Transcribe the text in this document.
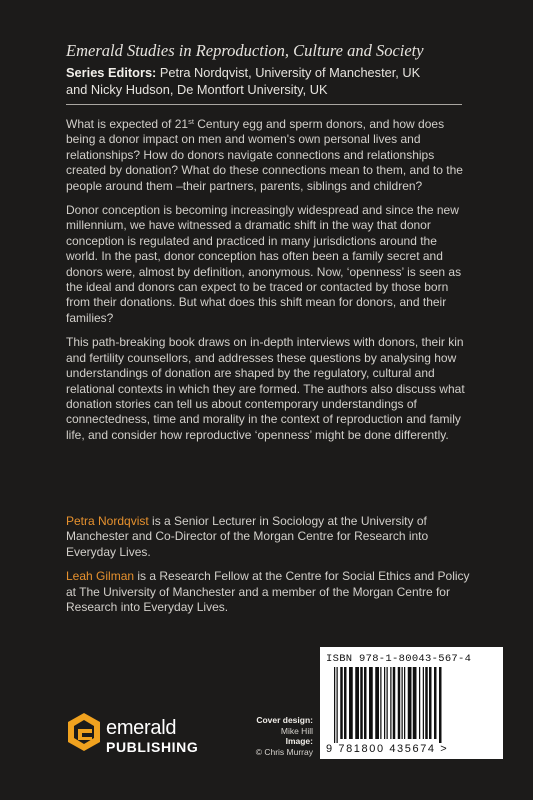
Emerald Studies in Reproduction, Culture and Society
Series Editors: Petra Nordqvist, University of Manchester, UK
and Nicky Hudson, De Montfort University, UK

What is expected of 21st Century egg and sperm donors, and how does being a donor impact on men and women's own personal lives and relationships? How do donors navigate connections and relationships created by donation? What do these connections mean to them, and to the people around them –their partners, parents, siblings and children?

Donor conception is becoming increasingly widespread and since the new millennium, we have witnessed a dramatic shift in the way that donor conception is regulated and practiced in many jurisdictions around the world. In the past, donor conception has often been a family secret and donors were, almost by definition, anonymous. Now, ‘openness’ is seen as the ideal and donors can expect to be traced or contacted by those born from their donations. But what does this shift mean for donors, and their families?

This path-breaking book draws on in-depth interviews with donors, their kin and fertility counsellors, and addresses these questions by analysing how understandings of donation are shaped by the regulatory, cultural and relational contexts in which they are formed. The authors also discuss what donation stories can tell us about contemporary understandings of connectedness, time and morality in the context of reproduction and family life, and consider how reproductive ‘openness’ might be done differently.

Petra Nordqvist is a Senior Lecturer in Sociology at the University of Manchester and Co-Director of the Morgan Centre for Research into Everyday Lives.

Leah Gilman is a Research Fellow at the Centre for Social Ethics and Policy at The University of Manchester and a member of the Morgan Centre for Research into Everyday Lives.

emerald
PUBLISHING
Cover design:
Mike Hill
Image:
© Chris Murray
ISBN 978-1-80043-567-4
9 781800 435674 >
